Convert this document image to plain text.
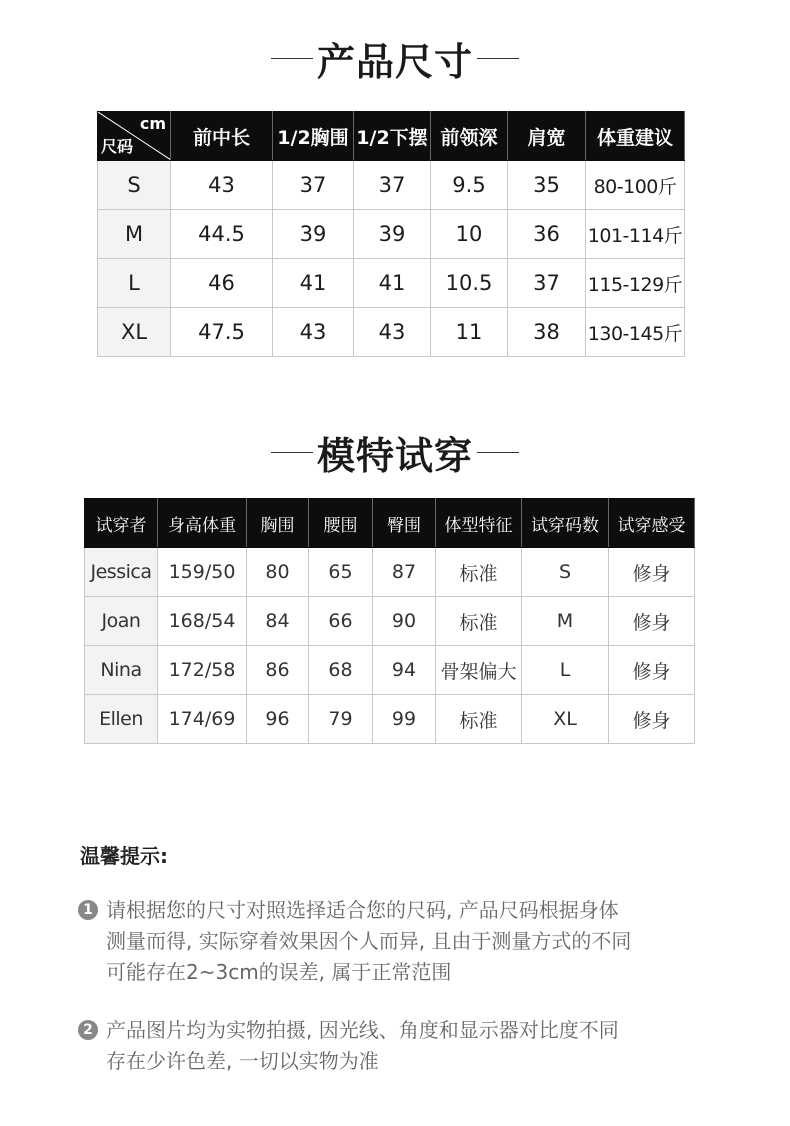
产品尺寸
cm
尺码	前中长	1/2胸围	1/2下摆	前领深	肩宽	体重建议
S	43	37	37	9.5	35	80-100斤
M	44.5	39	39	10	36	101-114斤
L	46	41	41	10.5	37	115-129斤
XL	47.5	43	43	11	38	130-145斤
模特试穿
试穿者	身高体重	胸围	腰围	臀围	体型特征	试穿码数	试穿感受
Jessica	159/50	80	65	87	标准	S	修身
Joan	168/54	84	66	90	标准	M	修身
Nina	172/58	86	68	94	骨架偏大	L	修身
Ellen	174/69	96	79	99	标准	XL	修身
温馨提示:
1 请根据您的尺寸对照选择适合您的尺码, 产品尺码根据身体
测量而得, 实际穿着效果因个人而异, 且由于测量方式的不同
可能存在2~3cm的误差, 属于正常范围
2 产品图片均为实物拍摄, 因光线、角度和显示器对比度不同
存在少许色差, 一切以实物为准
